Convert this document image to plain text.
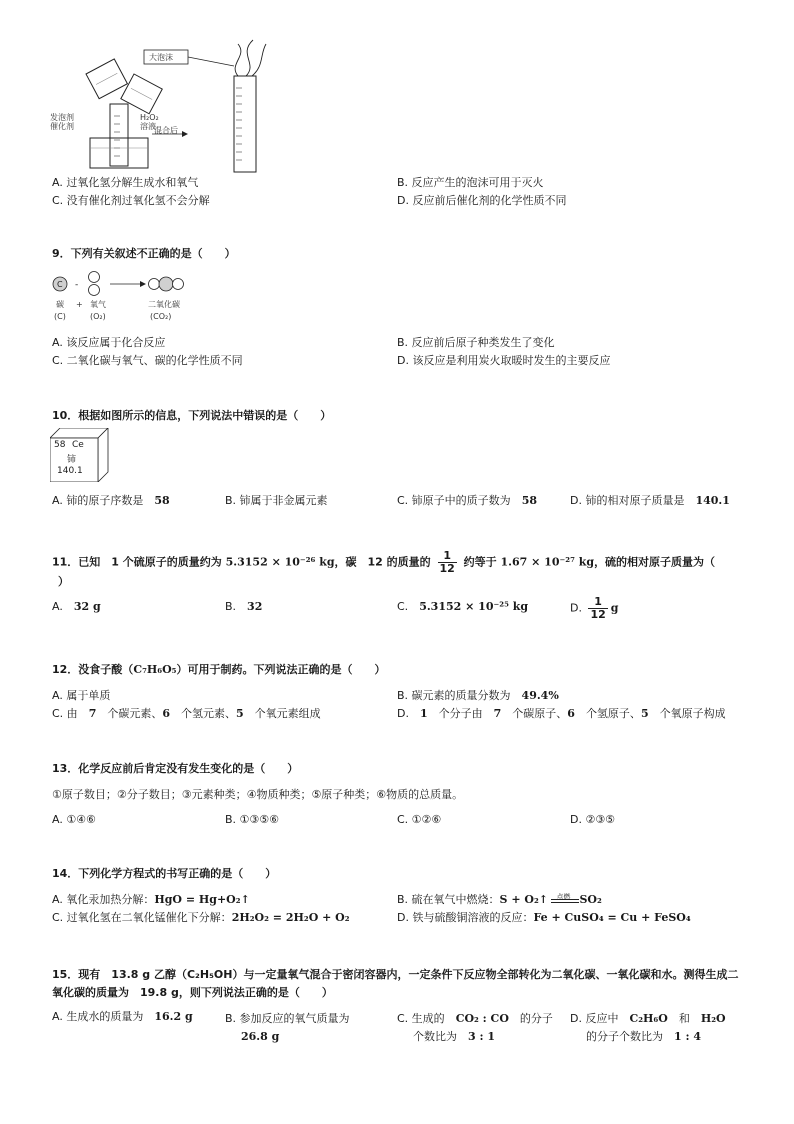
大泡沫
发泡剂
催化剂
H₂O₂
溶液
混合后
A. 过氧化氢分解生成水和氧气	B. 反应产生的泡沫可用于灭火
C. 没有催化剂过氧化氢不会分解	D. 反应前后催化剂的化学性质不同
9．下列有关叙述不正确的是（　　）
C -
碳 + 氧气	二氧化碳
(C)	(O₂)	(CO₂)
A. 该反应属于化合反应	B. 反应前后原子种类发生了变化
C. 二氧化碳与氧气、碳的化学性质不同	D. 该反应是利用炭火取暖时发生的主要反应
10．根据如图所示的信息，下列说法中错误的是（　　）
58 Ce
铈
140.1
A. 铈的原子序数是　 58	B. 铈属于非金属元素	C. 铈原子中的质子数为　 58	D. 铈的相对原子质量是　 140.1
11．已知　1 个硫原子的质量约为 5.3152 × 10⁻²⁶ kg，碳　12 的质量的 $\frac{1}{12}$ 约等于 1.67 × 10⁻²⁷ kg，硫的相对原子质量为（
）
A.　 32 g	B.　 32	C.　 5.3152 × 10⁻²⁵ kg	D. $\frac{1}{12}$ g
12．没食子酸（C₇H₆O₅）可用于制药。下列说法正确的是（　　）
A. 属于单质	B. 碳元素的质量分数为　 49.4%
C. 由　 7　 个碳元素、6　 个氢元素、5　 个氧元素组成	D.　 1　 个分子由　 7　 个碳原子、6　 个氢原子、5　 个氧原子构成
13．化学反应前后肯定没有发生变化的是（　　）
①原子数目；②分子数目；③元素种类；④物质种类；⑤原子种类；⑥物质的总质量。
A. ①④⑥	B. ①③⑤⑥	C. ①②⑥	D. ②③⑤
14．下列化学方程式的书写正确的是（　　）
A. 氧化汞加热分解：HgO = Hg+O₂↑	B. 硫在氧气中燃烧：S + O₂↑ 点燃 SO₂
C. 过氧化氢在二氧化锰催化下分解：2H₂O₂ = 2H₂O + O₂	D. 铁与硫酸铜溶液的反应：Fe + CuSO₄ = Cu + FeSO₄
15．现有　13.8 g 乙醇（C₂H₅OH）与一定量氧气混合于密闭容器内，一定条件下反应物全部转化为二氧化碳、一氧化碳和水。测得生成二氧化碳的质量为　19.8 g，则下列说法正确的是（　　）
A. 生成水的质量为　 16.2 g	B. 参加反应的氧气质量为
26.8 g
C. 生成的　 CO₂ : CO　 的分子
个数比为　 3 : 1
D. 反应中　 C₂H₆O　 和　 H₂O
的分子个数比为　 1 : 4
